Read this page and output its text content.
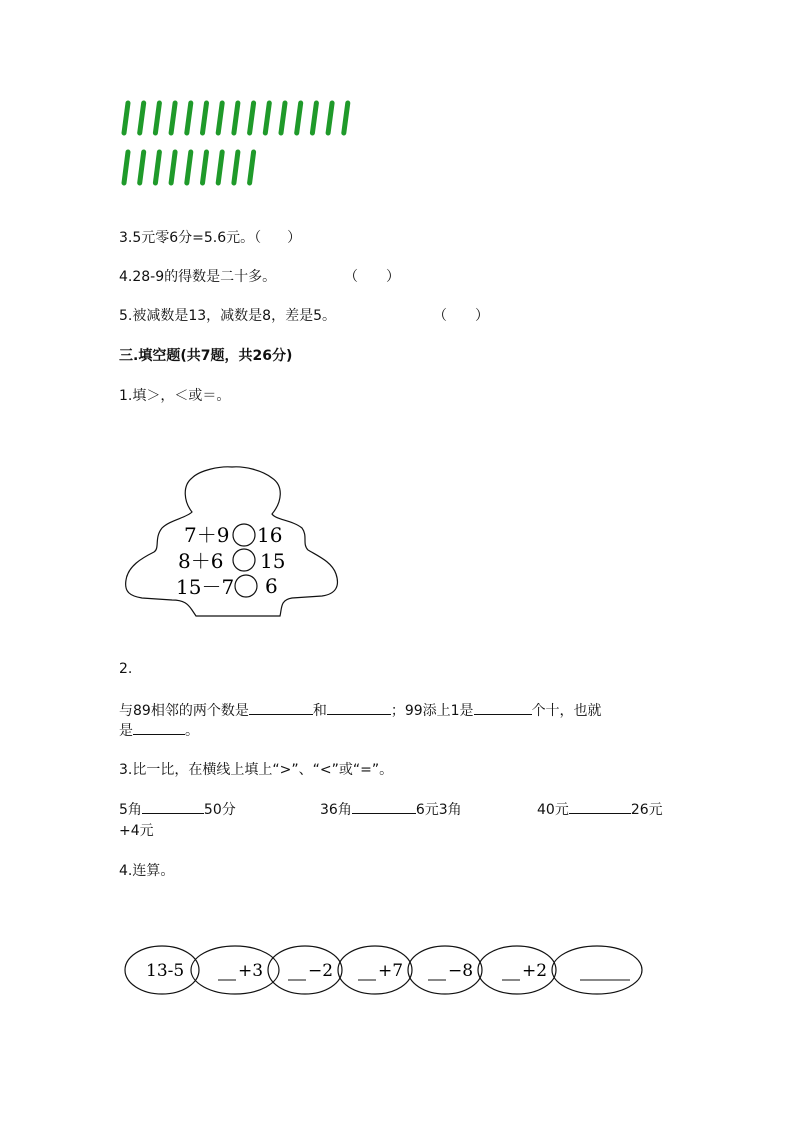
3.5元零6分=5.6元。（ ）
4.28-9的得数是二十多。	（　　）
5.被减数是13，减数是8，差是5。	（　　）
三.填空题(共7题，共26分)
1.填＞，＜或＝。
7＋9 16
8＋6 15
15－7 6
2.
与89相邻的两个数是	和	；99添上1是	个十，也就
是	。
3.比一比，在横线上填上“>”、“<”或“=”。
5角	50分	36角	6元3角	40元	26元
+4元
4.连算。
13-5	+3	−2	+7	−8	+2
